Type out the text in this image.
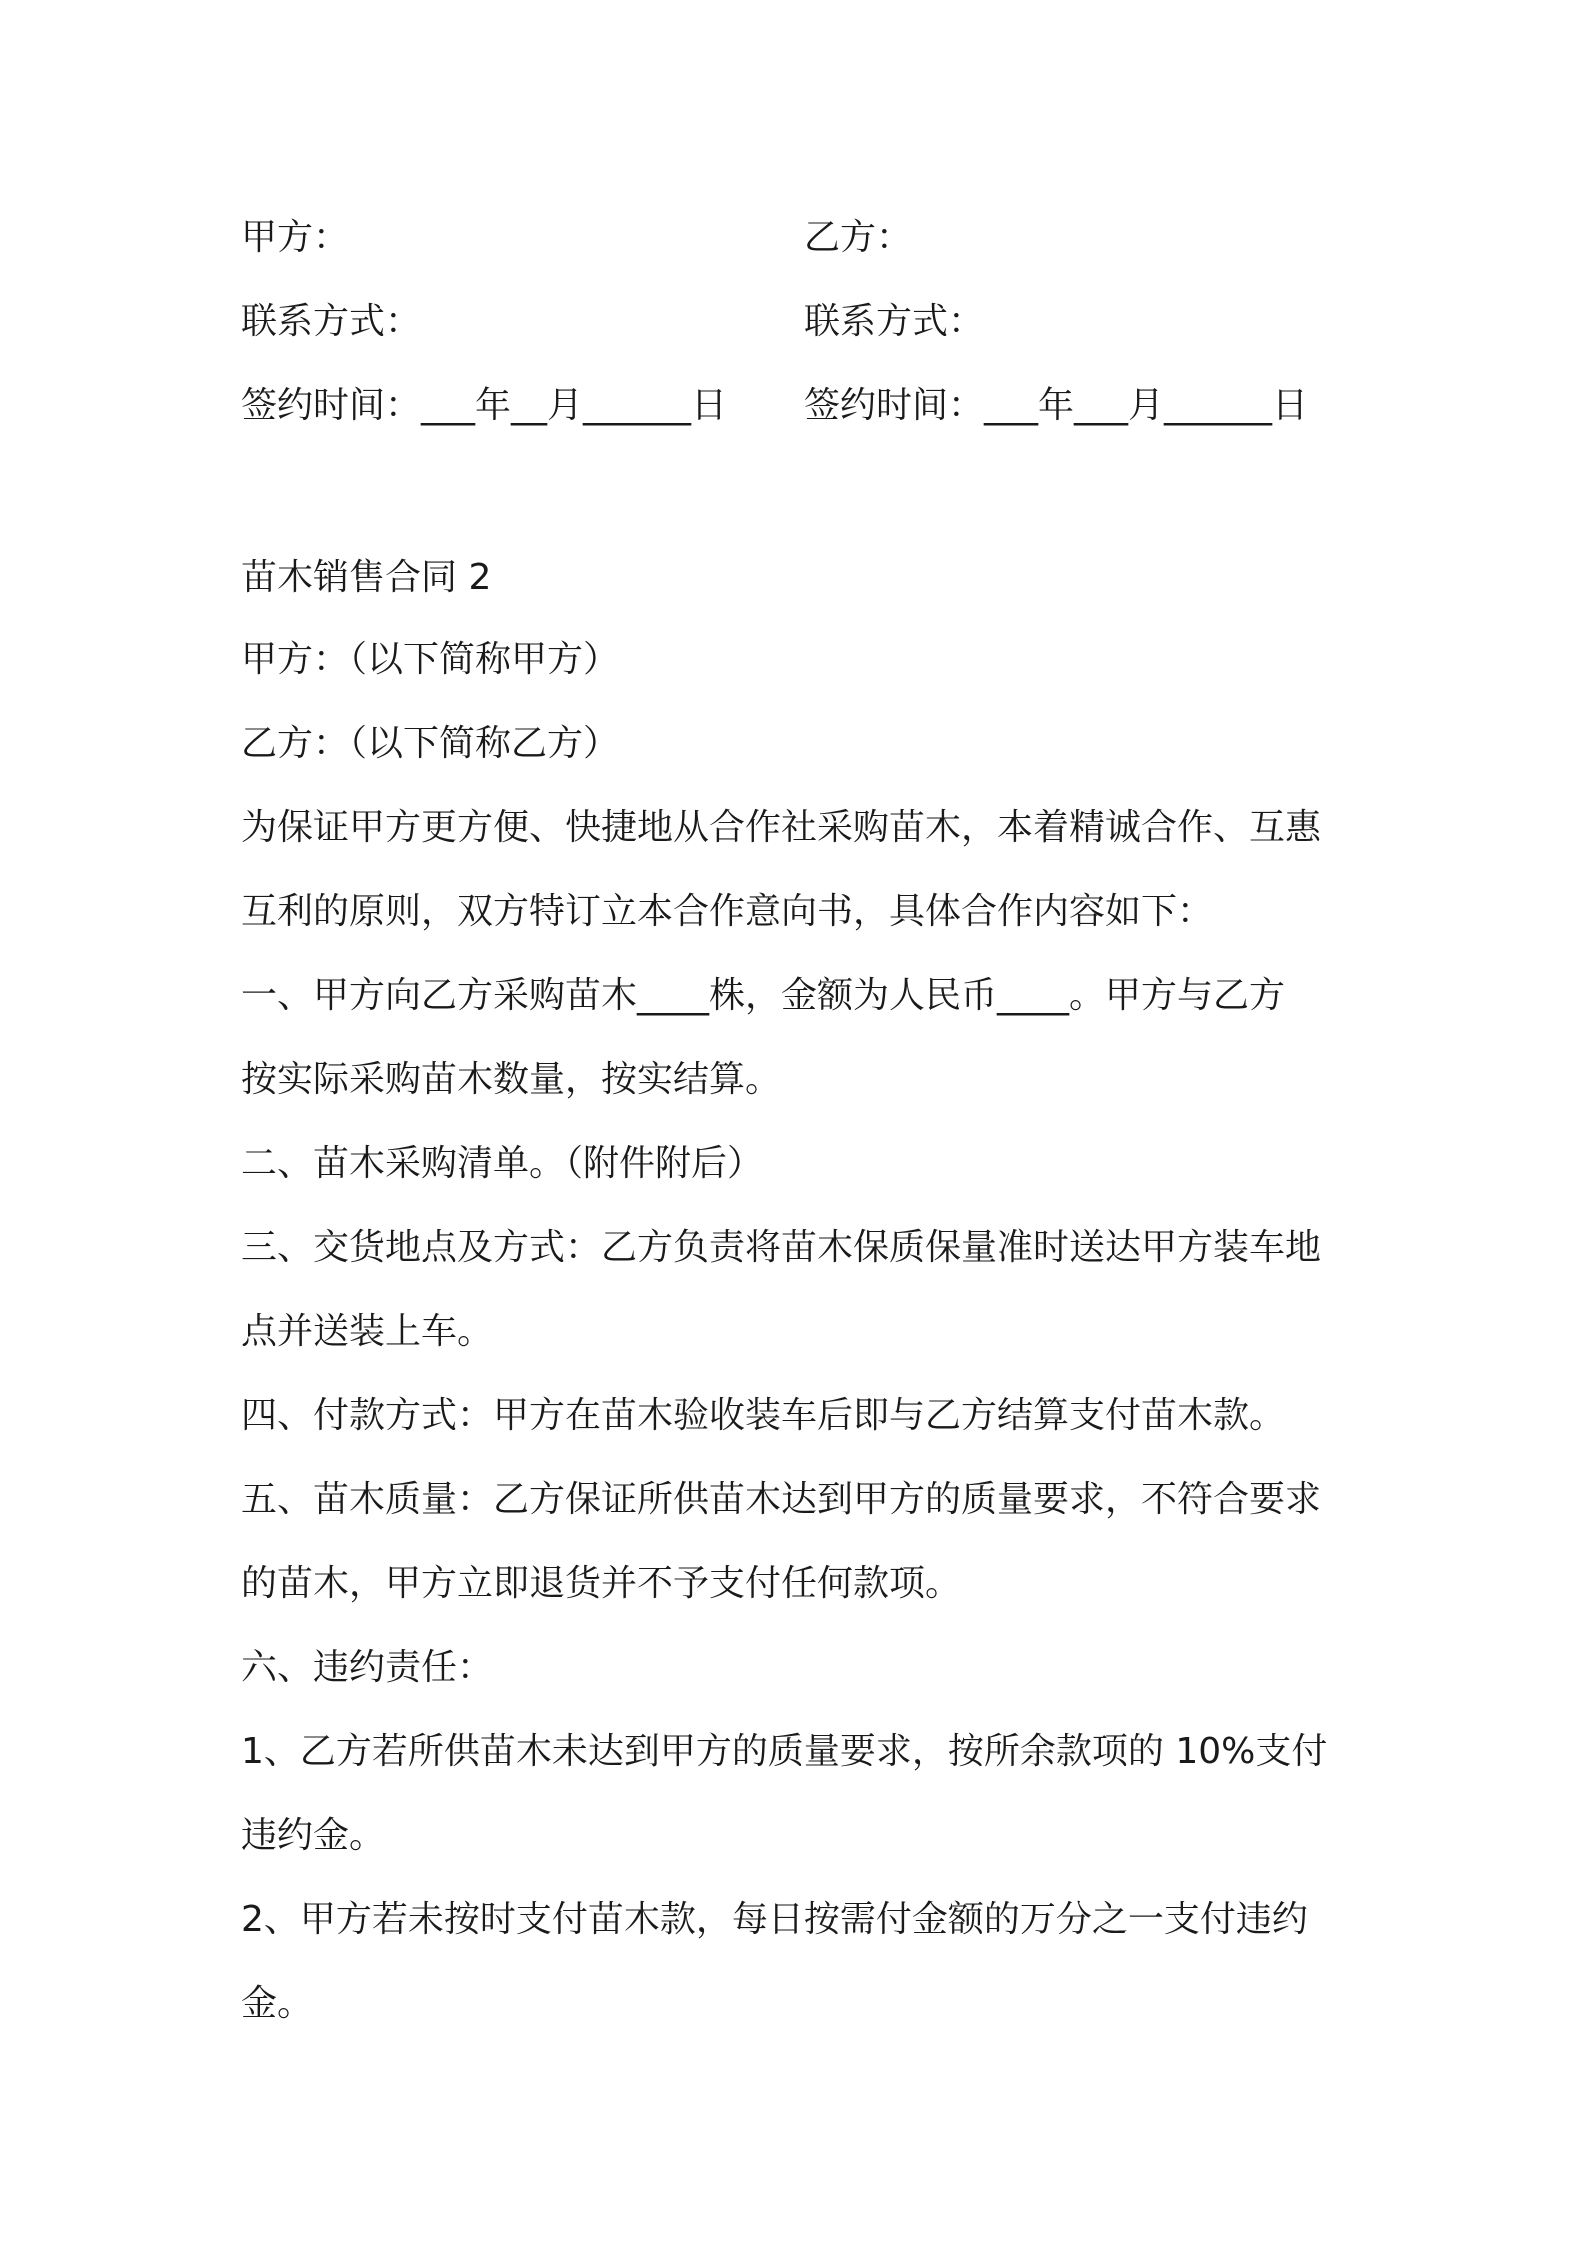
甲方：	乙方：
联系方式：	联系方式：
签约时间：___年__月______日	签约时间：___年___月______日
苗木销售合同 2
甲方：（以下简称甲方）
乙方：（以下简称乙方）
为保证甲方更方便、快捷地从合作社采购苗木，本着精诚合作、互惠
互利的原则，双方特订立本合作意向书，具体合作内容如下：
一、甲方向乙方采购苗木____株，金额为人民币____。甲方与乙方
按实际采购苗木数量，按实结算。
二、苗木采购清单。（附件附后）
三、交货地点及方式：乙方负责将苗木保质保量准时送达甲方装车地
点并送装上车。
四、付款方式：甲方在苗木验收装车后即与乙方结算支付苗木款。
五、苗木质量：乙方保证所供苗木达到甲方的质量要求，不符合要求
的苗木，甲方立即退货并不予支付任何款项。
六、违约责任：
1、乙方若所供苗木未达到甲方的质量要求，按所余款项的 10%支付
违约金。
2、甲方若未按时支付苗木款，每日按需付金额的万分之一支付违约
金。
